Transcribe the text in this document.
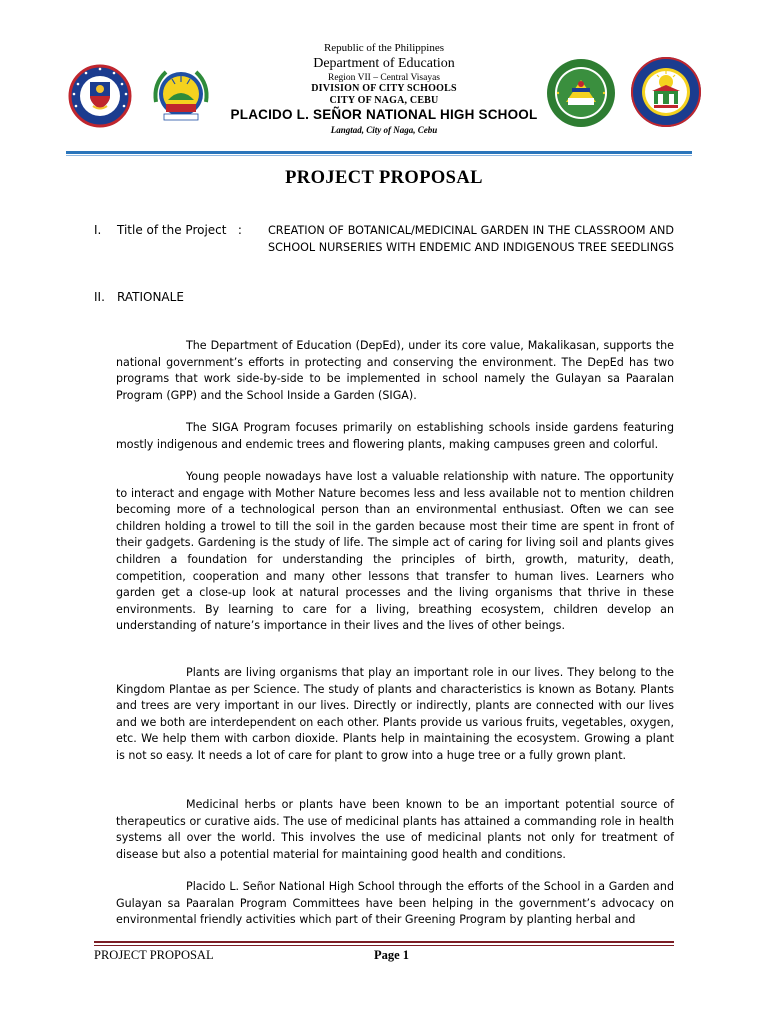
Republic of the Philippines
Department of Education
Region VII – Central Visayas
DIVISION OF CITY SCHOOLS
CITY OF NAGA, CEBU
PLACIDO L. SEÑOR NATIONAL HIGH SCHOOL
Langtad, City of Naga, Cebu
PROJECT PROPOSAL
I. Title of the Project   : CREATION OF BOTANICAL/MEDICINAL GARDEN IN THE CLASSROOM AND SCHOOL NURSERIES WITH ENDEMIC AND INDIGENOUS TREE SEEDLINGS
II. RATIONALE

The Department of Education (DepEd), under its core value, Makalikasan, supports the national government’s efforts in protecting and conserving the environment. The DepEd has two programs that work side-by-side to be implemented in school namely the Gulayan sa Paaralan Program (GPP) and the School Inside a Garden (SIGA).

The SIGA Program focuses primarily on establishing schools inside gardens featuring mostly indigenous and endemic trees and flowering plants, making campuses green and colorful.

Young people nowadays have lost a valuable relationship with nature. The opportunity to interact and engage with Mother Nature becomes less and less available not to mention children becoming more of a technological person than an environmental enthusiast. Often we can see children holding a trowel to till the soil in the garden because most their time are spent in front of their gadgets. Gardening is the study of life. The simple act of caring for living soil and plants gives children a foundation for understanding the principles of birth, growth, maturity, death, competition, cooperation and many other lessons that transfer to human lives. Learners who garden get a close-up look at natural processes and the living organisms that thrive in these environments. By learning to care for a living, breathing ecosystem, children develop an understanding of nature’s importance in their lives and the lives of other beings.

Plants are living organisms that play an important role in our lives. They belong to the Kingdom Plantae as per Science. The study of plants and characteristics is known as Botany. Plants and trees are very important in our lives. Directly or indirectly, plants are connected with our lives and we both are interdependent on each other. Plants provide us various fruits, vegetables, oxygen, etc. We help them with carbon dioxide. Plants help in maintaining the ecosystem. Growing a plant is not so easy. It needs a lot of care for plant to grow into a huge tree or a fully grown plant.

Medicinal herbs or plants have been known to be an important potential source of therapeutics or curative aids. The use of medicinal plants has attained a commanding role in health systems all over the world. This involves the use of medicinal plants not only for treatment of disease but also a potential material for maintaining good health and conditions.

Placido L. Señor National High School through the efforts of the School in a Garden and Gulayan sa Paaralan Program Committees have been helping in the government’s advocacy on environmental friendly activities which part of their Greening Program by planting herbal and

PROJECT PROPOSAL	Page 1
